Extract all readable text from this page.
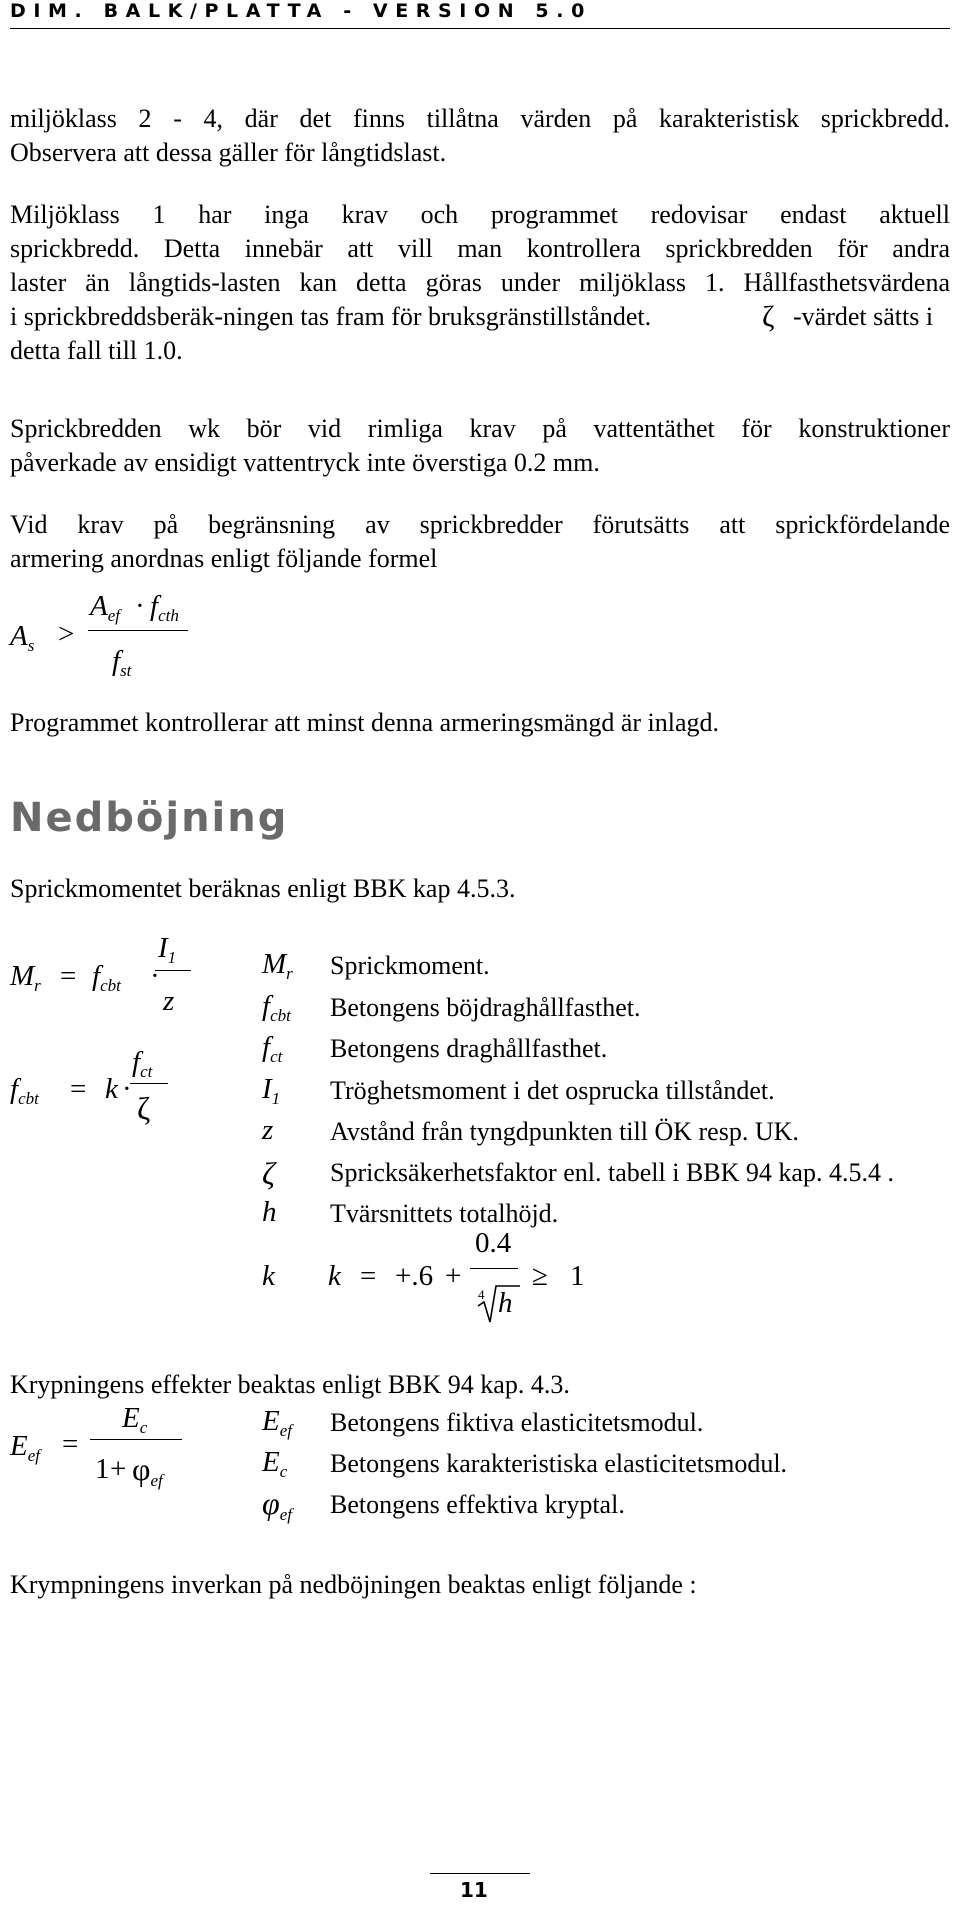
DIM. BALK/PLATTA - VERSION 5.0
miljöklass 2 - 4, där det finns tillåtna värden på karakteristisk sprickbredd.
Observera att dessa gäller för långtidslast.
Miljöklass 1 har inga krav och programmet redovisar endast aktuell
sprickbredd. Detta innebär att vill man kontrollera sprickbredden för andra
laster än långtids-lasten kan detta göras under miljöklass 1. Hållfasthetsvärdena
i sprickbreddsberäk-ningen tas fram för bruksgränstillståndet.	ζ -värdet sätts i
detta fall till 1.0.
Sprickbredden wk bör vid rimliga krav på vattentäthet för konstruktioner
påverkade av ensidigt vattentryck inte överstiga 0.2 mm.
Vid krav på begränsning av sprickbredder förutsätts att sprickfördelande
armering anordnas enligt följande formel
$A_s$ >
$A_{ef} \cdot f_{cth}$
$f_{st}$
Programmet kontrollerar att minst denna armeringsmängd är inlagd.
Nedböjning
Sprickmomentet beräknas enligt BBK kap 4.5.3.
$M_r = f_{cbt}$ ·
$I_1$
z
$f_{cbt} = k$ ·
$f_{ct}$
ζ
$M_r$ Sprickmoment.
$f_{cbt}$ Betongens böjdraghållfasthet.
$f_{ct}$ Betongens draghållfasthet.
$I_1$ Tröghetsmoment i det osprucka tillståndet.
z Avstånd från tyngdpunkten till ÖK resp. UK.
ζ Spricksäkerhetsfaktor enl. tabell i BBK 94 kap. 4.5.4 .
h Tvärsnittets totalhöjd.
k k = +.6 +
0.4
4 h
≥ 1
Krypningens effekter beaktas enligt BBK 94 kap. 4.3.
$E_{ef}$ =
$E_c$
$1 + \varphi_{ef}$
$E_{ef}$ Betongens fiktiva elasticitetsmodul.
$E_c$ Betongens karakteristiska elasticitetsmodul.
$\varphi_{ef}$ Betongens effektiva kryptal.
Krympningens inverkan på nedböjningen beaktas enligt följande :
11
